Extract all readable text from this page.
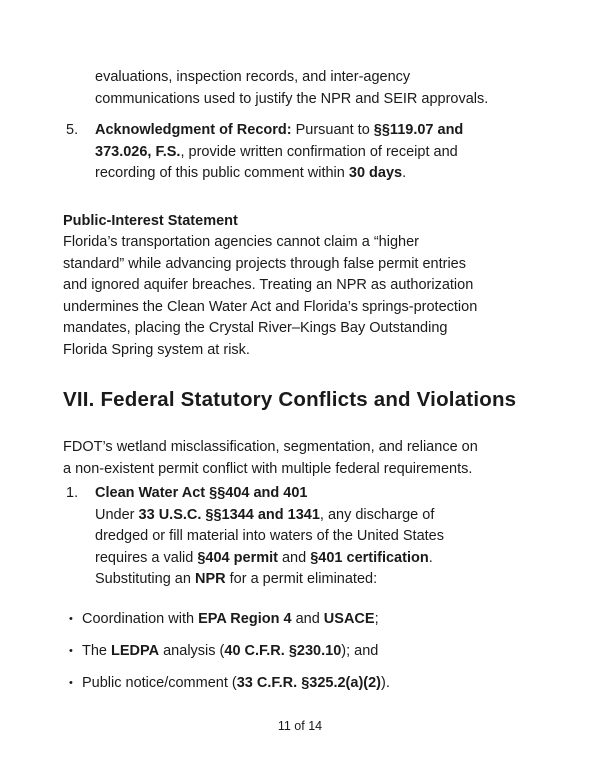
evaluations, inspection records, and inter-agency
communications used to justify the NPR and SEIR approvals.
5.	Acknowledgment of Record: Pursuant to §§119.07 and
373.026, F.S., provide written confirmation of receipt and
recording of this public comment within 30 days.
Public-Interest Statement
Florida’s transportation agencies cannot claim a “higher
standard” while advancing projects through false permit entries
and ignored aquifer breaches. Treating an NPR as authorization
undermines the Clean Water Act and Florida’s springs-protection
mandates, placing the Crystal River–Kings Bay Outstanding
Florida Spring system at risk.
VII. Federal Statutory Conflicts and Violations
FDOT’s wetland misclassification, segmentation, and reliance on
a non-existent permit conflict with multiple federal requirements.
1.	Clean Water Act §§404 and 401
Under 33 U.S.C. §§1344 and 1341, any discharge of
dredged or fill material into waters of the United States
requires a valid §404 permit and §401 certification.
Substituting an NPR for a permit eliminated:
• Coordination with EPA Region 4 and USACE;
• The LEDPA analysis (40 C.F.R. §230.10); and
• Public notice/comment (33 C.F.R. §325.2(a)(2)).
11 of 14
